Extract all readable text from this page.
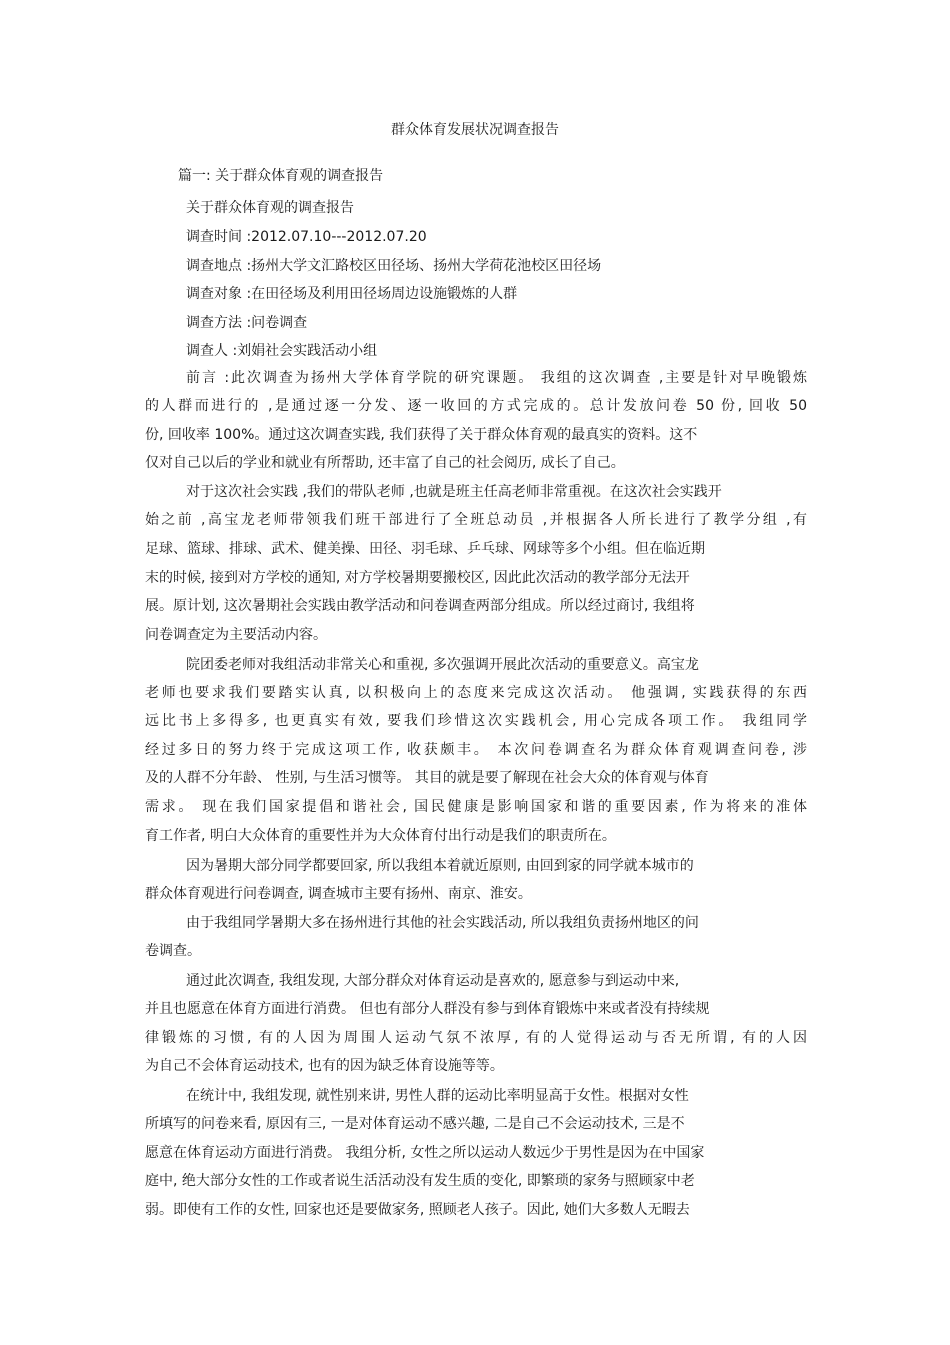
群众体育发展状况调查报告
篇一: 关于群众体育观的调查报告
关于群众体育观的调查报告
调查时间 :2012.07.10---2012.07.20
调查地点 :扬州大学文汇路校区田径场、扬州大学荷花池校区田径场
调查对象 :在田径场及利用田径场周边设施锻炼的人群
调查方法 :问卷调查
调查人 :刘娟社会实践活动小组
前言 :此次调查为扬州大学体育学院的研究课题。 我组的这次调查 ,主要是针对早晚锻炼
的人群而进行的 ,是通过逐一分发、逐一收回的方式完成的。总计发放问卷 50 份, 回收 50
份, 回收率 100%。通过这次调查实践, 我们获得了关于群众体育观的最真实的资料。这不
仅对自己以后的学业和就业有所帮助, 还丰富了自己的社会阅历, 成长了自己。
对于这次社会实践 ,我们的带队老师 ,也就是班主任高老师非常重视。在这次社会实践开
始之前 ,高宝龙老师带领我们班干部进行了全班总动员 ,并根据各人所长进行了教学分组 ,有
足球、篮球、排球、武术、健美操、田径、羽毛球、乒乓球、网球等多个小组。但在临近期
末的时候, 接到对方学校的通知, 对方学校暑期要搬校区, 因此此次活动的教学部分无法开
展。原计划, 这次暑期社会实践由教学活动和问卷调查两部分组成。所以经过商讨, 我组将
问卷调查定为主要活动内容。
院团委老师对我组活动非常关心和重视, 多次强调开展此次活动的重要意义。高宝龙
老师也要求我们要踏实认真, 以积极向上的态度来完成这次活动。 他强调, 实践获得的东西
远比书上多得多, 也更真实有效, 要我们珍惜这次实践机会, 用心完成各项工作。 我组同学
经过多日的努力终于完成这项工作, 收获颇丰。 本次问卷调查名为群众体育观调查问卷, 涉
及的人群不分年龄、 性别, 与生活习惯等。 其目的就是要了解现在社会大众的体育观与体育
需求。 现在我们国家提倡和谐社会, 国民健康是影响国家和谐的重要因素, 作为将来的准体
育工作者, 明白大众体育的重要性并为大众体育付出行动是我们的职责所在。
因为暑期大部分同学都要回家, 所以我组本着就近原则, 由回到家的同学就本城市的
群众体育观进行问卷调查, 调查城市主要有扬州、南京、淮安。
由于我组同学暑期大多在扬州进行其他的社会实践活动, 所以我组负责扬州地区的问
卷调查。
通过此次调查, 我组发现, 大部分群众对体育运动是喜欢的, 愿意参与到运动中来,
并且也愿意在体育方面进行消费。 但也有部分人群没有参与到体育锻炼中来或者没有持续规
律锻炼的习惯, 有的人因为周围人运动气氛不浓厚, 有的人觉得运动与否无所谓, 有的人因
为自己不会体育运动技术, 也有的因为缺乏体育设施等等。
在统计中, 我组发现, 就性别来讲, 男性人群的运动比率明显高于女性。根据对女性
所填写的问卷来看, 原因有三, 一是对体育运动不感兴趣, 二是自己不会运动技术, 三是不
愿意在体育运动方面进行消费。 我组分析, 女性之所以运动人数远少于男性是因为在中国家
庭中, 绝大部分女性的工作或者说生活活动没有发生质的变化, 即繁琐的家务与照顾家中老
弱。即使有工作的女性, 回家也还是要做家务, 照顾老人孩子。因此, 她们大多数人无暇去
